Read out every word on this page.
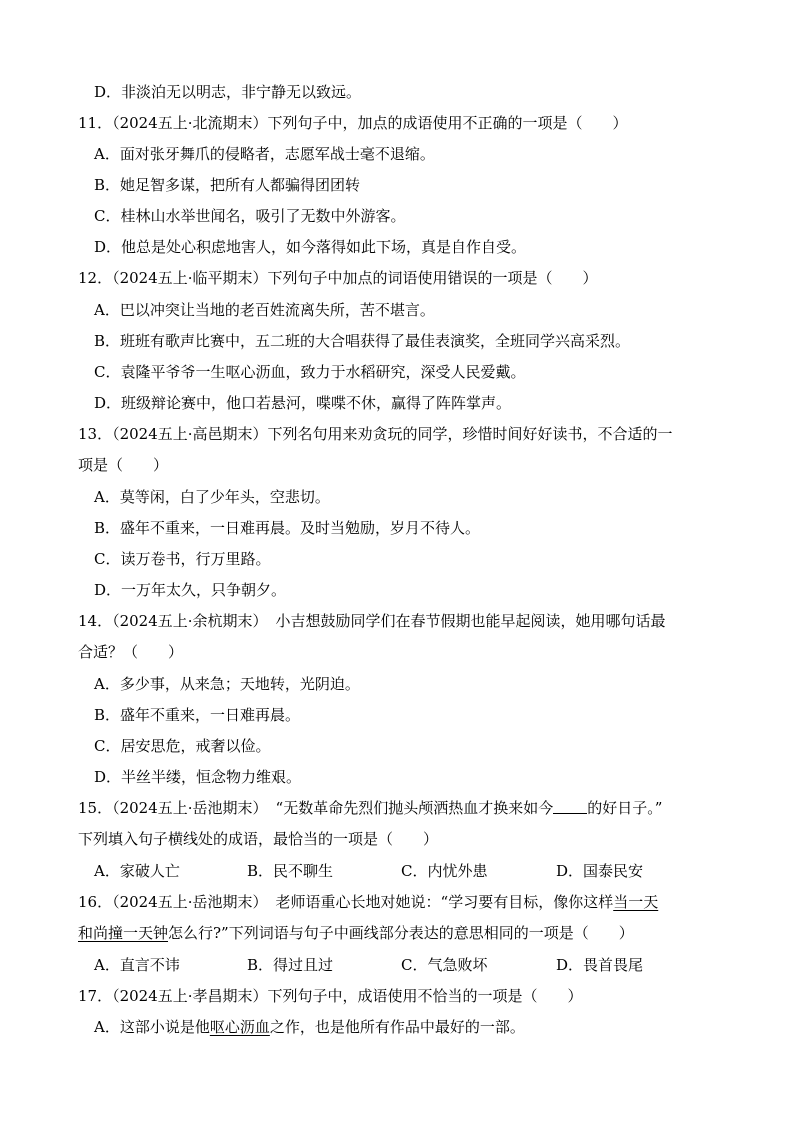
D．非淡泊无以明志，非宁静无以致远。
11．（2024五上·北流期末）下列句子中，加点的成语使用不正确的一项是（　　）
A．面对张牙舞爪的侵略者，志愿军战士毫不退缩。
B．她足智多谋，把所有人都骗得团团转
C．桂林山水举世闻名，吸引了无数中外游客。
D．他总是处心积虑地害人，如今落得如此下场，真是自作自受。
12．（2024五上·临平期末）下列句子中加点的词语使用错误的一项是（　　）
A．巴以冲突让当地的老百姓流离失所，苦不堪言。
B．班班有歌声比赛中，五二班的大合唱获得了最佳表演奖，全班同学兴高采烈。
C．袁隆平爷爷一生呕心沥血，致力于水稻研究，深受人民爱戴。
D．班级辩论赛中，他口若悬河，喋喋不休，赢得了阵阵掌声。
13．（2024五上·高邑期末）下列名句用来劝贪玩的同学，珍惜时间好好读书，不合适的一
项是（　　）
A．莫等闲，白了少年头，空悲切。
B．盛年不重来，一日难再晨。及时当勉励，岁月不待人。
C．读万卷书，行万里路。
D．一万年太久，只争朝夕。
14．（2024五上·余杭期末） 小吉想鼓励同学们在春节假期也能早起阅读，她用哪句话最
合适？（　　）
A．多少事，从来急；天地转，光阴迫。
B．盛年不重来，一日难再晨。
C．居安思危，戒奢以俭。
D．半丝半缕，恒念物力维艰。
15．（2024五上·岳池期末） “无数革命先烈们抛头颅洒热血才换来如今 的好日子。”
下列填入句子横线处的成语，最恰当的一项是（　　）
A．家破人亡	B．民不聊生	C．内忧外患	D．国泰民安
16．（2024五上·岳池期末） 老师语重心长地对她说：“学习要有目标，像你这样当一天
和尚撞一天钟怎么行?”下列词语与句子中画线部分表达的意思相同的一项是（　　）
A．直言不讳	B．得过且过	C．气急败坏	D．畏首畏尾
17．（2024五上·孝昌期末）下列句子中，成语使用不恰当的一项是（　　）
A．这部小说是他呕心沥血之作，也是他所有作品中最好的一部。
